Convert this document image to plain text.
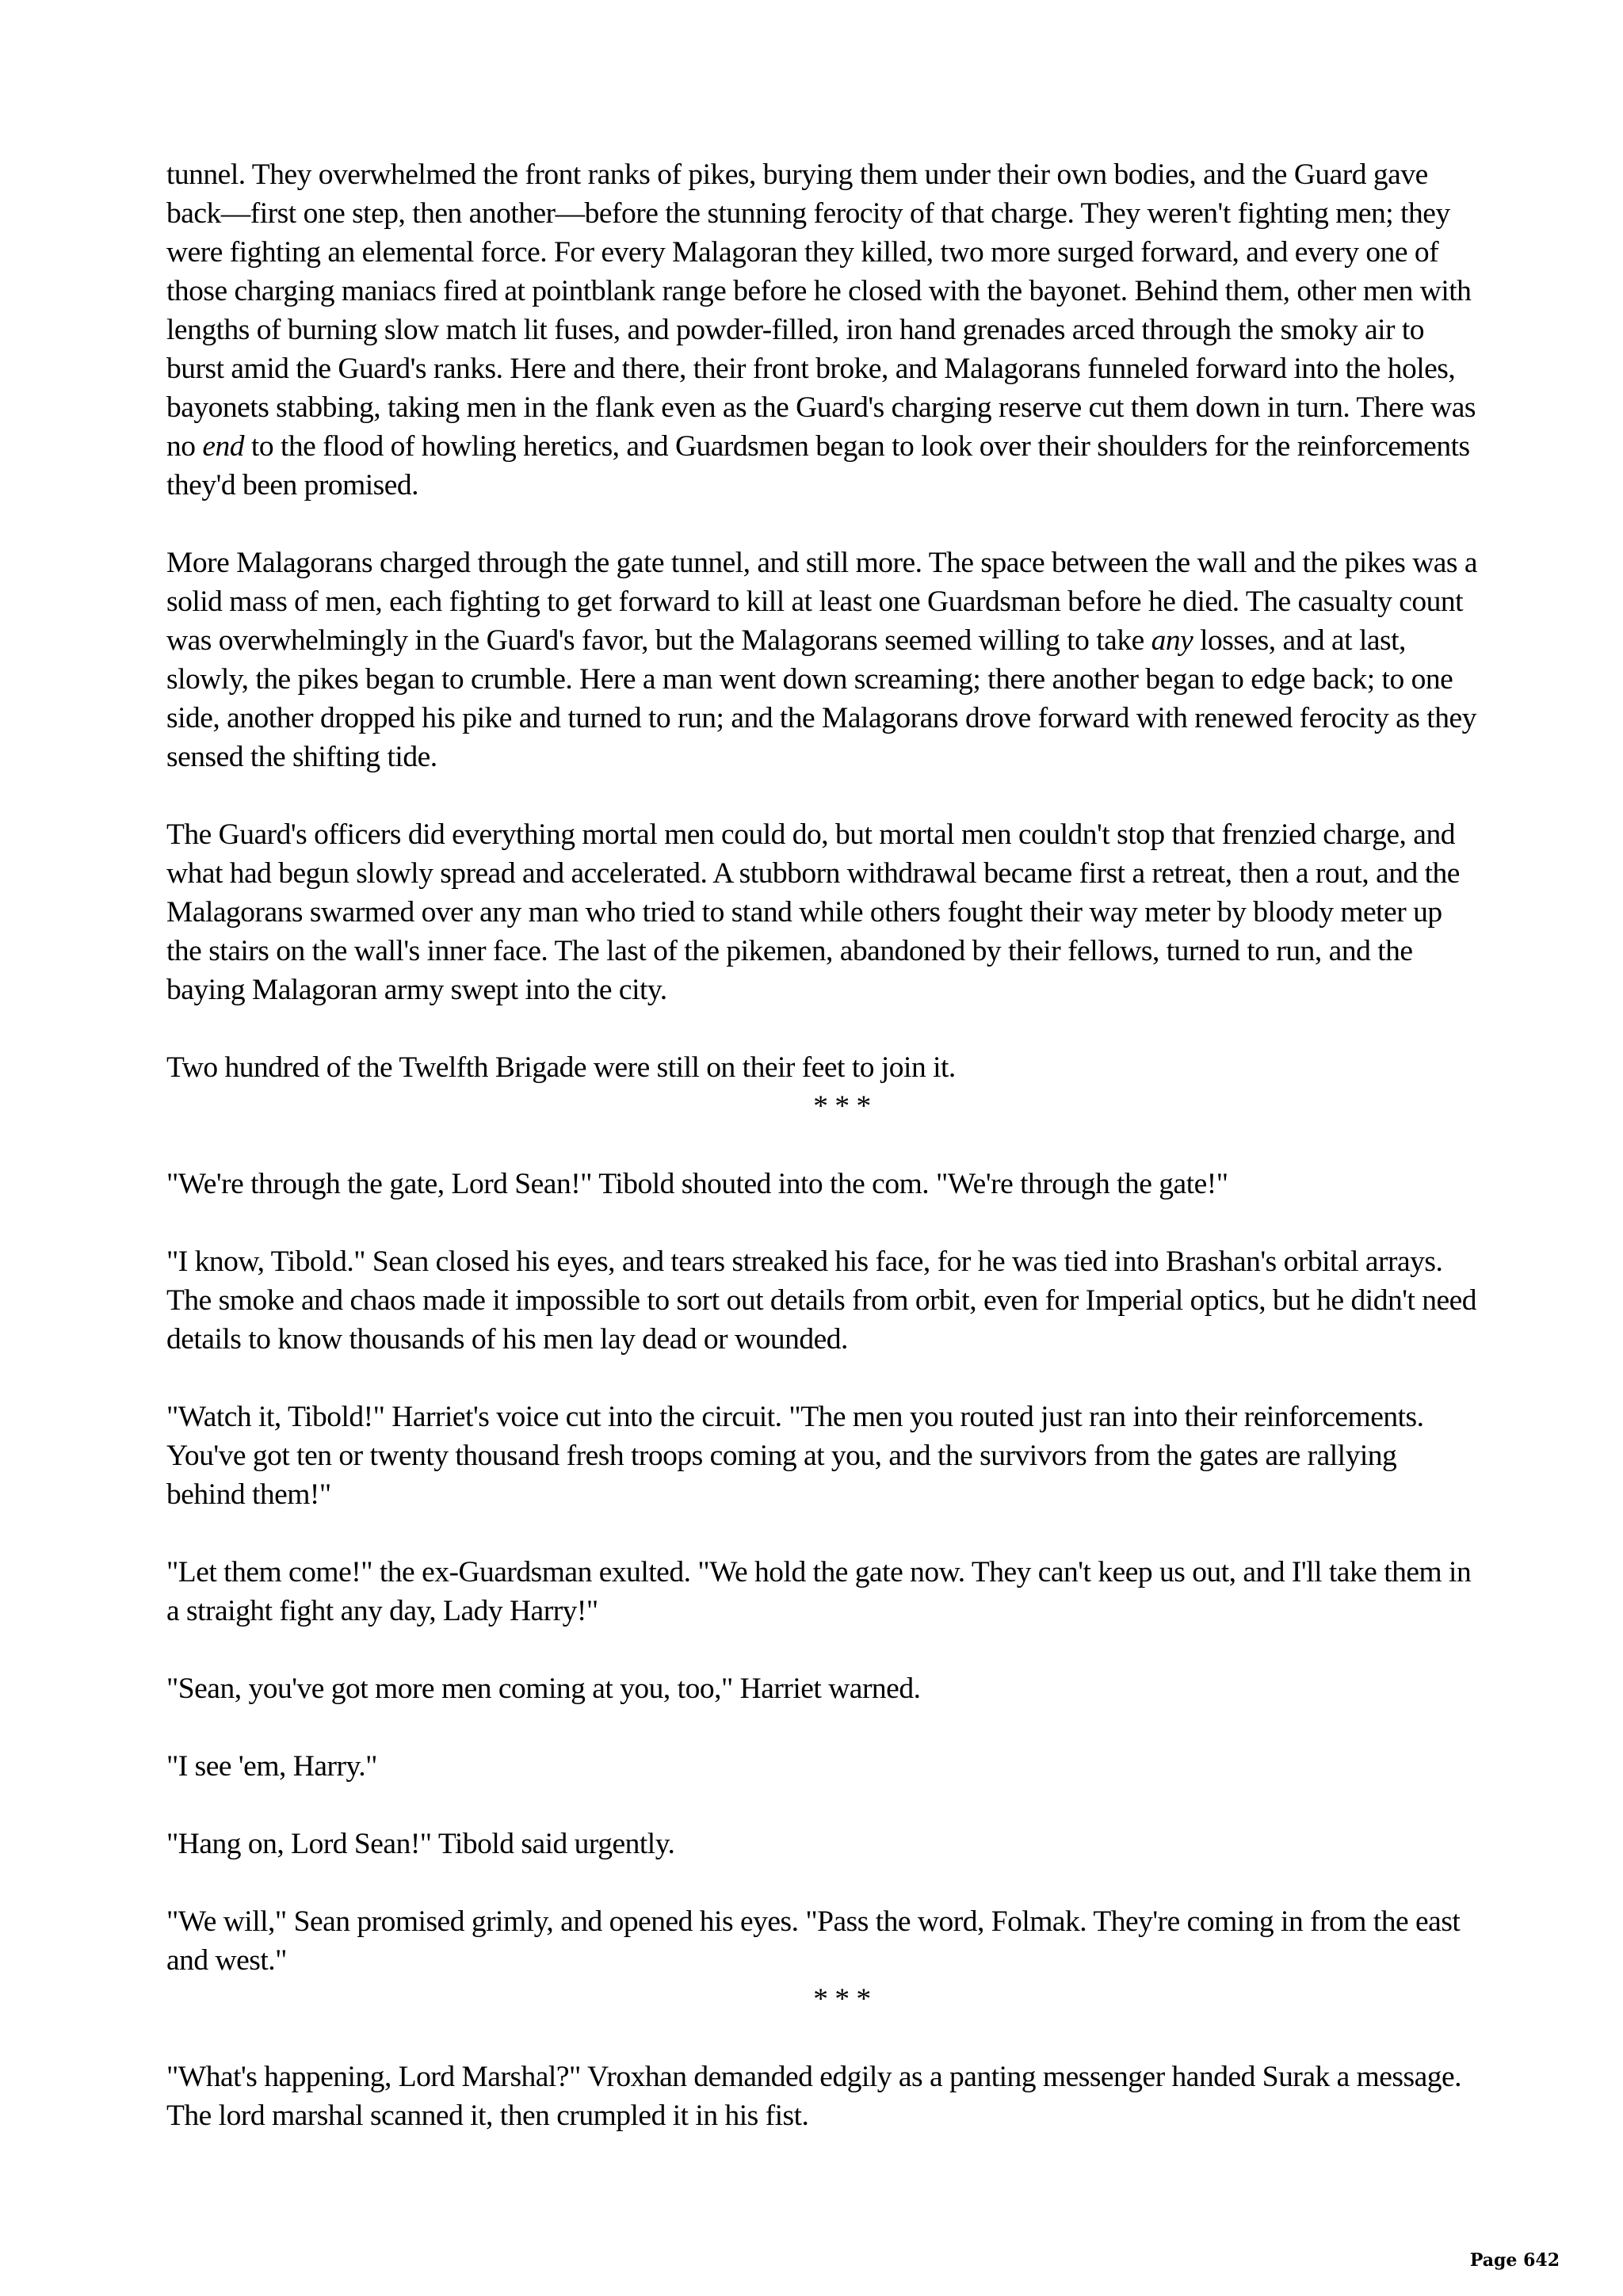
tunnel. They overwhelmed the front ranks of pikes, burying them under their own bodies, and the Guard gave back—first one step, then another—before the stunning ferocity of that charge. They weren't fighting men; they were fighting an elemental force. For every Malagoran they killed, two more surged forward, and every one of those charging maniacs fired at pointblank range before he closed with the bayonet. Behind them, other men with lengths of burning slow match lit fuses, and powder-filled, iron hand grenades arced through the smoky air to burst amid the Guard's ranks. Here and there, their front broke, and Malagorans funneled forward into the holes, bayonets stabbing, taking men in the flank even as the Guard's charging reserve cut them down in turn. There was no end to the flood of howling heretics, and Guardsmen began to look over their shoulders for the reinforcements they'd been promised.

More Malagorans charged through the gate tunnel, and still more. The space between the wall and the pikes was a solid mass of men, each fighting to get forward to kill at least one Guardsman before he died. The casualty count was overwhelmingly in the Guard's favor, but the Malagorans seemed willing to take any losses, and at last, slowly, the pikes began to crumble. Here a man went down screaming; there another began to edge back; to one side, another dropped his pike and turned to run; and the Malagorans drove forward with renewed ferocity as they sensed the shifting tide.

The Guard's officers did everything mortal men could do, but mortal men couldn't stop that frenzied charge, and what had begun slowly spread and accelerated. A stubborn withdrawal became first a retreat, then a rout, and the Malagorans swarmed over any man who tried to stand while others fought their way meter by bloody meter up the stairs on the wall's inner face. The last of the pikemen, abandoned by their fellows, turned to run, and the baying Malagoran army swept into the city.

Two hundred of the Twelfth Brigade were still on their feet to join it.

* * *

"We're through the gate, Lord Sean!" Tibold shouted into the com. "We're through the gate!"

"I know, Tibold." Sean closed his eyes, and tears streaked his face, for he was tied into Brashan's orbital arrays. The smoke and chaos made it impossible to sort out details from orbit, even for Imperial optics, but he didn't need details to know thousands of his men lay dead or wounded.

"Watch it, Tibold!" Harriet's voice cut into the circuit. "The men you routed just ran into their reinforcements. You've got ten or twenty thousand fresh troops coming at you, and the survivors from the gates are rallying behind them!"

"Let them come!" the ex-Guardsman exulted. "We hold the gate now. They can't keep us out, and I'll take them in a straight fight any day, Lady Harry!"

"Sean, you've got more men coming at you, too," Harriet warned.

"I see 'em, Harry."

"Hang on, Lord Sean!" Tibold said urgently.

"We will," Sean promised grimly, and opened his eyes. "Pass the word, Folmak. They're coming in from the east and west."

* * *

"What's happening, Lord Marshal?" Vroxhan demanded edgily as a panting messenger handed Surak a message. The lord marshal scanned it, then crumpled it in his fist.

Page 642
